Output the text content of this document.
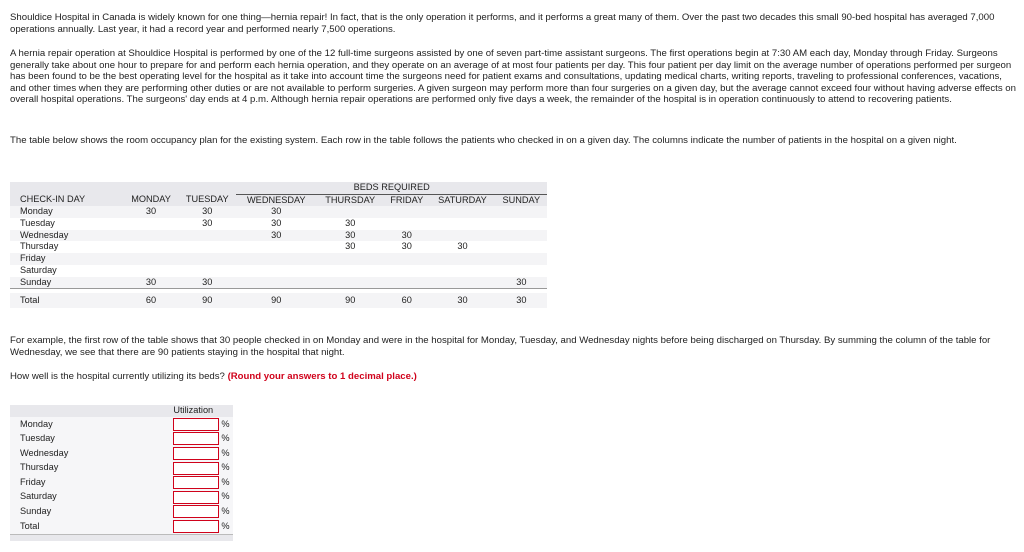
Shouldice Hospital in Canada is widely known for one thing—hernia repair! In fact, that is the only operation it performs, and it performs a great many of them. Over the past two decades this small 90-bed hospital has averaged 7,000 operations annually. Last year, it had a record year and performed nearly 7,500 operations.

A hernia repair operation at Shouldice Hospital is performed by one of the 12 full-time surgeons assisted by one of seven part-time assistant surgeons. The first operations begin at 7:30 AM each day, Monday through Friday. Surgeons generally take about one hour to prepare for and perform each hernia operation, and they operate on an average of at most four patients per day. This four patient per day limit on the average number of operations performed per surgeon has been found to be the best operating level for the hospital as it take into account time the surgeons need for patient exams and consultations, updating medical charts, writing reports, traveling to professional conferences, vacations, and other times when they are performing other duties or are not available to perform surgeries. A given surgeon may perform more than four surgeries on a given day, but the average cannot exceed four without having adverse effects on overall hospital operations. The surgeons' day ends at 4 p.m. Although hernia repair operations are performed only five days a week, the remainder of the hospital is in operation continuously to attend to recovering patients.

The table below shows the room occupancy plan for the existing system. Each row in the table follows the patients who checked in on a given day. The columns indicate the number of patients in the hospital on a given night.

			BEDS REQUIRED				
CHECK-IN DAY	MONDAY	TUESDAY	WEDNESDAY	THURSDAY	FRIDAY	SATURDAY	SUNDAY
Monday	30	30	30				
Tuesday		30	30	30			
Wednesday			30	30	30		
Thursday				30	30	30	
Friday							
Saturday							
Sunday	30	30					30

Total	60	90	90	90	60	30	30

For example, the first row of the table shows that 30 people checked in on Monday and were in the hospital for Monday, Tuesday, and Wednesday nights before being discharged on Thursday. By summing the column of the table for Wednesday, we see that there are 90 patients staying in the hospital that night.

How well is the hospital currently utilizing its beds? (Round your answers to 1 decimal place.)

	Utilization	
Monday		%
Tuesday		%
Wednesday		%
Thursday		%
Friday		%
Saturday		%
Sunday		%
Total		%
